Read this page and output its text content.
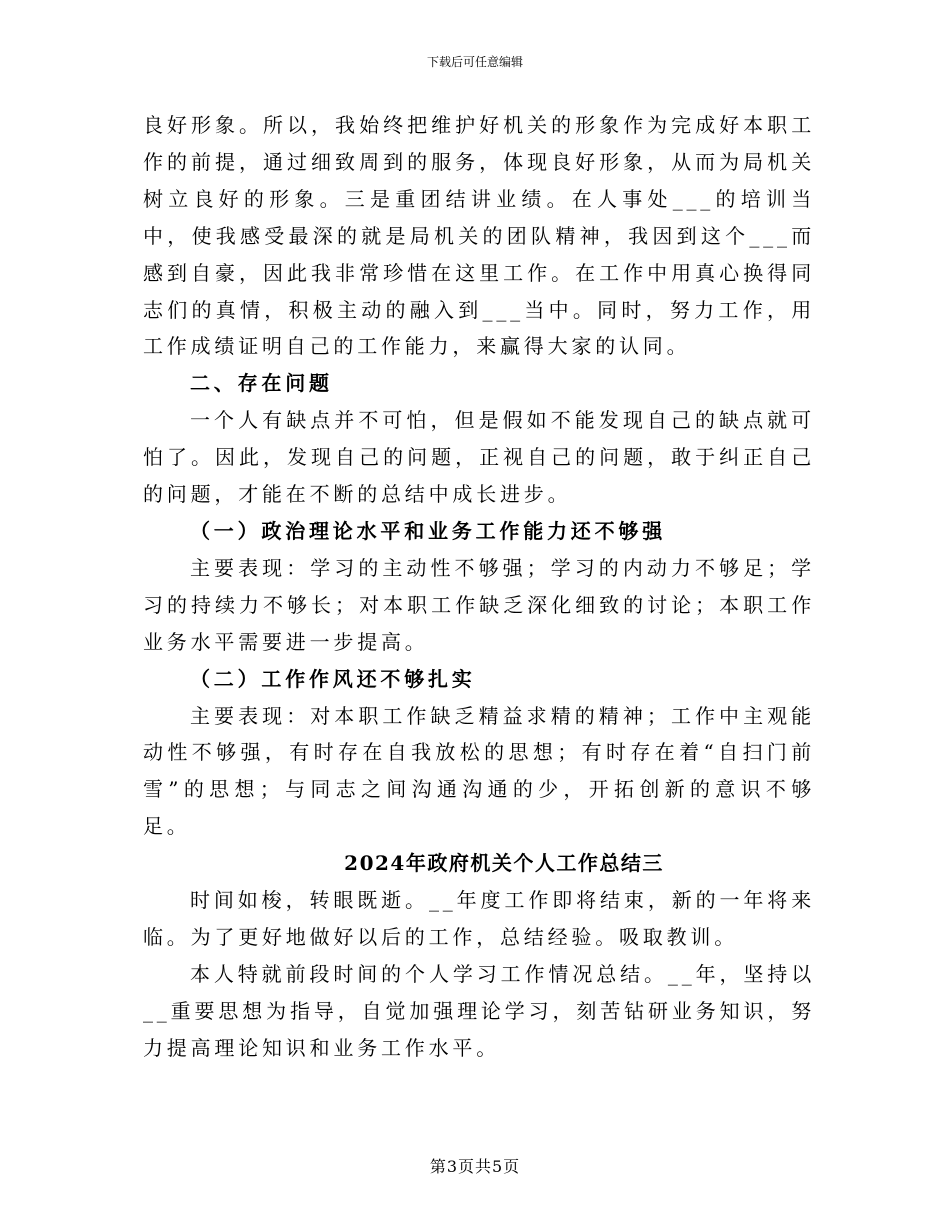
下载后可任意编辑

良好形象。所以，我始终把维护好机关的形象作为完成好本职工作的前提，通过细致周到的服务，体现良好形象，从而为局机关树立良好的形象。三是重团结讲业绩。在人事处___的培训当中，使我感受最深的就是局机关的团队精神，我因到这个___而感到自豪，因此我非常珍惜在这里工作。在工作中用真心换得同志们的真情，积极主动的融入到___当中。同时，努力工作，用工作成绩证明自己的工作能力，来赢得大家的认同。

二、存在问题

一个人有缺点并不可怕，但是假如不能发现自己的缺点就可怕了。因此，发现自己的问题，正视自己的问题，敢于纠正自己的问题，才能在不断的总结中成长进步。

（一）政治理论水平和业务工作能力还不够强

主要表现：学习的主动性不够强；学习的内动力不够足；学习的持续力不够长；对本职工作缺乏深化细致的讨论；本职工作业务水平需要进一步提高。

（二）工作作风还不够扎实

主要表现：对本职工作缺乏精益求精的精神；工作中主观能动性不够强，有时存在自我放松的思想；有时存在着“自扫门前雪”的思想；与同志之间沟通沟通的少，开拓创新的意识不够足。

2024年政府机关个人工作总结三

时间如梭，转眼既逝。__年度工作即将结束，新的一年将来临。为了更好地做好以后的工作，总结经验。吸取教训。

本人特就前段时间的个人学习工作情况总结。__年，坚持以__重要思想为指导，自觉加强理论学习，刻苦钻研业务知识，努力提高理论知识和业务工作水平。

第3页共5页
